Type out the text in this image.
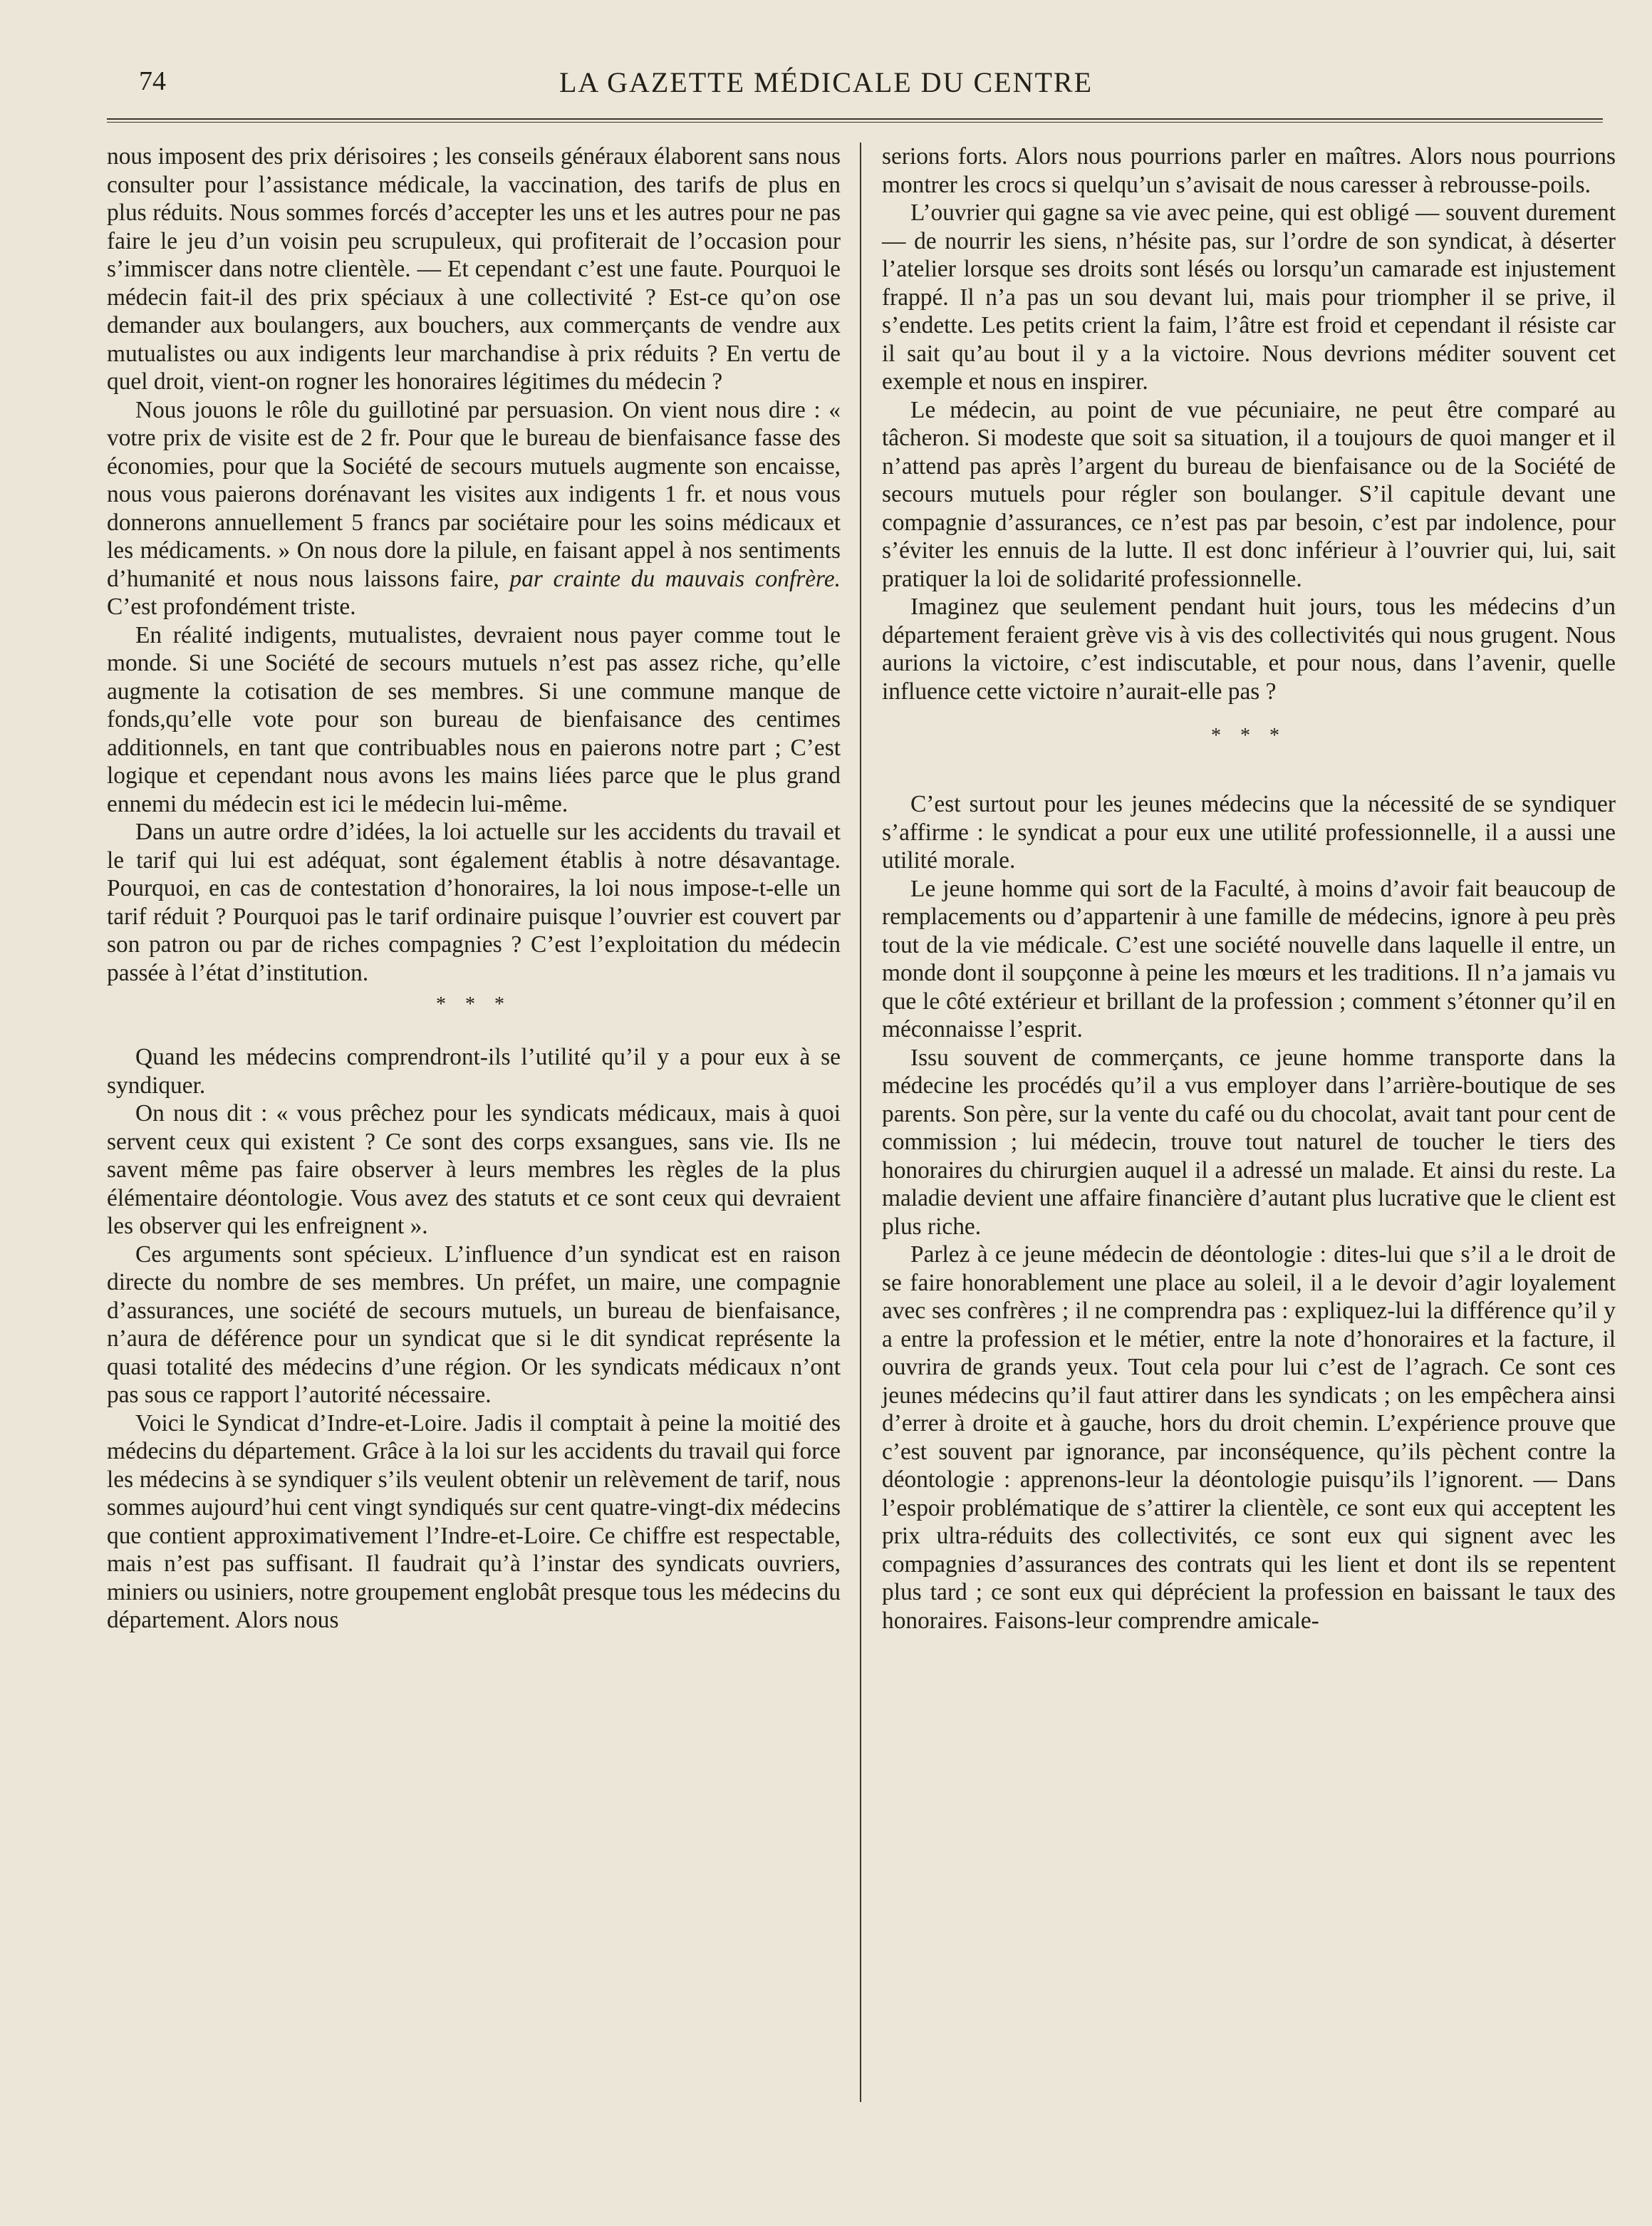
74	LA GAZETTE MÉDICALE DU CENTRE

nous imposent des prix dérisoires ; les conseils généraux élaborent sans nous consulter pour l’assistance médicale, la vaccination, des tarifs de plus en plus réduits. Nous sommes forcés d’accepter les uns et les autres pour ne pas faire le jeu d’un voisin peu scrupuleux, qui profiterait de l’occasion pour s’immiscer dans notre clientèle. — Et cependant c’est une faute. Pourquoi le médecin fait-il des prix spéciaux à une collectivité ? Est-ce qu’on ose demander aux boulangers, aux bouchers, aux commerçants de vendre aux mutualistes ou aux indigents leur marchandise à prix réduits ? En vertu de quel droit, vient-on rogner les honoraires légitimes du médecin ?

Nous jouons le rôle du guillotiné par persuasion. On vient nous dire : « votre prix de visite est de 2 fr. Pour que le bureau de bienfaisance fasse des économies, pour que la Société de secours mutuels augmente son encaisse, nous vous paierons dorénavant les visites aux indigents 1 fr. et nous vous donnerons annuellement 5 francs par sociétaire pour les soins médicaux et les médicaments. » On nous dore la pilule, en faisant appel à nos sentiments d’humanité et nous nous laissons faire, par crainte du mauvais confrère. C’est profondément triste.

En réalité indigents, mutualistes, devraient nous payer comme tout le monde. Si une Société de secours mutuels n’est pas assez riche, qu’elle augmente la cotisation de ses membres. Si une commune manque de fonds,qu’elle vote pour son bureau de bienfaisance des centimes additionnels, en tant que contribuables nous en paierons notre part ; C’est logique et cependant nous avons les mains liées parce que le plus grand ennemi du médecin est ici le médecin lui-même.

Dans un autre ordre d’idées, la loi actuelle sur les accidents du travail et le tarif qui lui est adéquat, sont également établis à notre désavantage. Pourquoi, en cas de contestation d’honoraires, la loi nous impose-t-elle un tarif réduit ? Pourquoi pas le tarif ordinaire puisque l’ouvrier est couvert par son patron ou par de riches compagnies ? C’est l’exploitation du médecin passée à l’état d’institution.

* * *

Quand les médecins comprendront-ils l’utilité qu’il y a pour eux à se syndiquer.

On nous dit : « vous prêchez pour les syndicats médicaux, mais à quoi servent ceux qui existent ? Ce sont des corps exsangues, sans vie. Ils ne savent même pas faire observer à leurs membres les règles de la plus élémentaire déontologie. Vous avez des statuts et ce sont ceux qui devraient les observer qui les enfreignent ».

Ces arguments sont spécieux. L’influence d’un syndicat est en raison directe du nombre de ses membres. Un préfet, un maire, une compagnie d’assurances, une société de secours mutuels, un bureau de bienfaisance, n’aura de déférence pour un syndicat que si le dit syndicat représente la quasi totalité des médecins d’une région. Or les syndicats médicaux n’ont pas sous ce rapport l’autorité nécessaire.

Voici le Syndicat d’Indre-et-Loire. Jadis il comptait à peine la moitié des médecins du département. Grâce à la loi sur les accidents du travail qui force les médecins à se syndiquer s’ils veulent obtenir un relèvement de tarif, nous sommes aujourd’hui cent vingt syndiqués sur cent quatre-vingt-dix médecins que contient approximativement l’Indre-et-Loire. Ce chiffre est respectable, mais n’est pas suffisant. Il faudrait qu’à l’instar des syndicats ouvriers, miniers ou usiniers, notre groupement englobât presque tous les médecins du département. Alors nous

serions forts. Alors nous pourrions parler en maîtres. Alors nous pourrions montrer les crocs si quelqu’un s’avisait de nous caresser à rebrousse-poils.

L’ouvrier qui gagne sa vie avec peine, qui est obligé — souvent durement — de nourrir les siens, n’hésite pas, sur l’ordre de son syndicat, à déserter l’atelier lorsque ses droits sont lésés ou lorsqu’un camarade est injustement frappé. Il n’a pas un sou devant lui, mais pour triompher il se prive, il s’endette. Les petits crient la faim, l’âtre est froid et cependant il résiste car il sait qu’au bout il y a la victoire. Nous devrions méditer souvent cet exemple et nous en inspirer.

Le médecin, au point de vue pécuniaire, ne peut être comparé au tâcheron. Si modeste que soit sa situation, il a toujours de quoi manger et il n’attend pas après l’argent du bureau de bienfaisance ou de la Société de secours mutuels pour régler son boulanger. S’il capitule devant une compagnie d’assurances, ce n’est pas par besoin, c’est par indolence, pour s’éviter les ennuis de la lutte. Il est donc inférieur à l’ouvrier qui, lui, sait pratiquer la loi de solidarité professionnelle.

Imaginez que seulement pendant huit jours, tous les médecins d’un département feraient grève vis à vis des collectivités qui nous grugent. Nous aurions la victoire, c’est indiscutable, et pour nous, dans l’avenir, quelle influence cette victoire n’aurait-elle pas ?

* * *

C’est surtout pour les jeunes médecins que la nécessité de se syndiquer s’affirme : le syndicat a pour eux une utilité professionnelle, il a aussi une utilité morale.

Le jeune homme qui sort de la Faculté, à moins d’avoir fait beaucoup de remplacements ou d’appartenir à une famille de médecins, ignore à peu près tout de la vie médicale. C’est une société nouvelle dans laquelle il entre, un monde dont il soupçonne à peine les mœurs et les traditions. Il n’a jamais vu que le côté extérieur et brillant de la profession ; comment s’étonner qu’il en méconnaisse l’esprit.

Issu souvent de commerçants, ce jeune homme transporte dans la médecine les procédés qu’il a vus employer dans l’arrière-boutique de ses parents. Son père, sur la vente du café ou du chocolat, avait tant pour cent de commission ; lui médecin, trouve tout naturel de toucher le tiers des honoraires du chirurgien auquel il a adressé un malade. Et ainsi du reste. La maladie devient une affaire financière d’autant plus lucrative que le client est plus riche.

Parlez à ce jeune médecin de déontologie : dites-lui que s’il a le droit de se faire honorablement une place au soleil, il a le devoir d’agir loyalement avec ses confrères ; il ne comprendra pas : expliquez-lui la différence qu’il y a entre la profession et le métier, entre la note d’honoraires et la facture, il ouvrira de grands yeux. Tout cela pour lui c’est de l’agrach. Ce sont ces jeunes médecins qu’il faut attirer dans les syndicats ; on les empêchera ainsi d’errer à droite et à gauche, hors du droit chemin. L’expérience prouve que c’est souvent par ignorance, par inconséquence, qu’ils pèchent contre la déontologie : apprenons-leur la déontologie puisqu’ils l’ignorent. — Dans l’espoir problématique de s’attirer la clientèle, ce sont eux qui acceptent les prix ultra-réduits des collectivités, ce sont eux qui signent avec les compagnies d’assurances des contrats qui les lient et dont ils se repentent plus tard ; ce sont eux qui déprécient la profession en baissant le taux des honoraires. Faisons-leur comprendre amicale-
